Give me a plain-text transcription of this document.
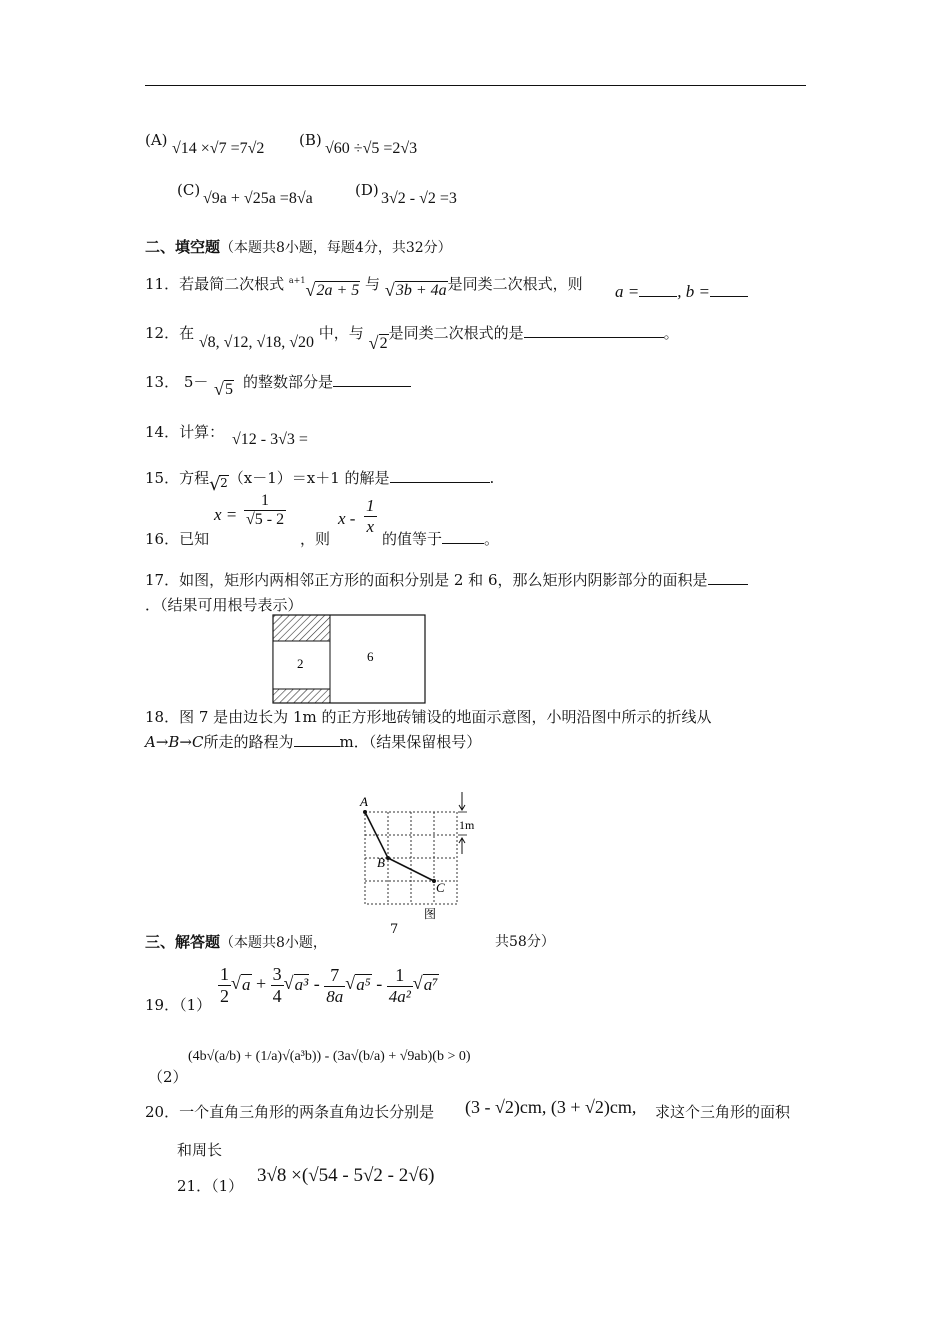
(A) √14 ×√7 =7√2 (B) √60 ÷√5 =2√3
(C) √9a + √25a =8√a	(D) 3√2 - √2 =3
二、填空题（本题共8小题，每题4分，共32分）
11．若最简二次根式 $^{a+1}$√ 2a + 5 与 √ 3b + 4a是同类二次根式，则 a = , b =
12．在 √8, √12, √18, √20 中，与 √ 2是同类二次根式的是	。
13． 5－	√ 5 的整数部分是
14．计算： √12 - 3√3 =
15．方程 √ 2（x－1）＝x＋1 的解是	.
16．已知
$x = \frac{1}{√5 - 2}$
，则
x - $\frac{1}{x}$
的值等于	。
17．如图，矩形内两相邻正方形的面积分别是 2 和 6，那么矩形内阴影部分的面积是
．（结果可用根号表示）
2	6
18．图 7 是由边长为 1m 的正方形地砖铺设的地面示意图，小明沿图中所示的折线从
A→B→C所走的路程为	m．（结果保留根号）
A
B
C
1m
图
三、解答题（本题共8小题，
7
共58分）
19．$(1) \frac{1}{2}$ √ $a + \frac{3}{4}$ √ $a^3 - \frac{7}{8a}$ √ $a^5 - \frac{1}{\text{4a²}}$ √ a⁷
(4b√(a/b) + (1/a)√(a³b)) - (3a√(b/a) + √9ab)(b > 0)
（2）
20．一个直角三角形的两条直角边长分别是 (3 - √2)cm, (3 + √2)cm, 求这个三角形的面积
和周长
21．（1） 3√8 ×(√54 - 5√2 - 2√6)
